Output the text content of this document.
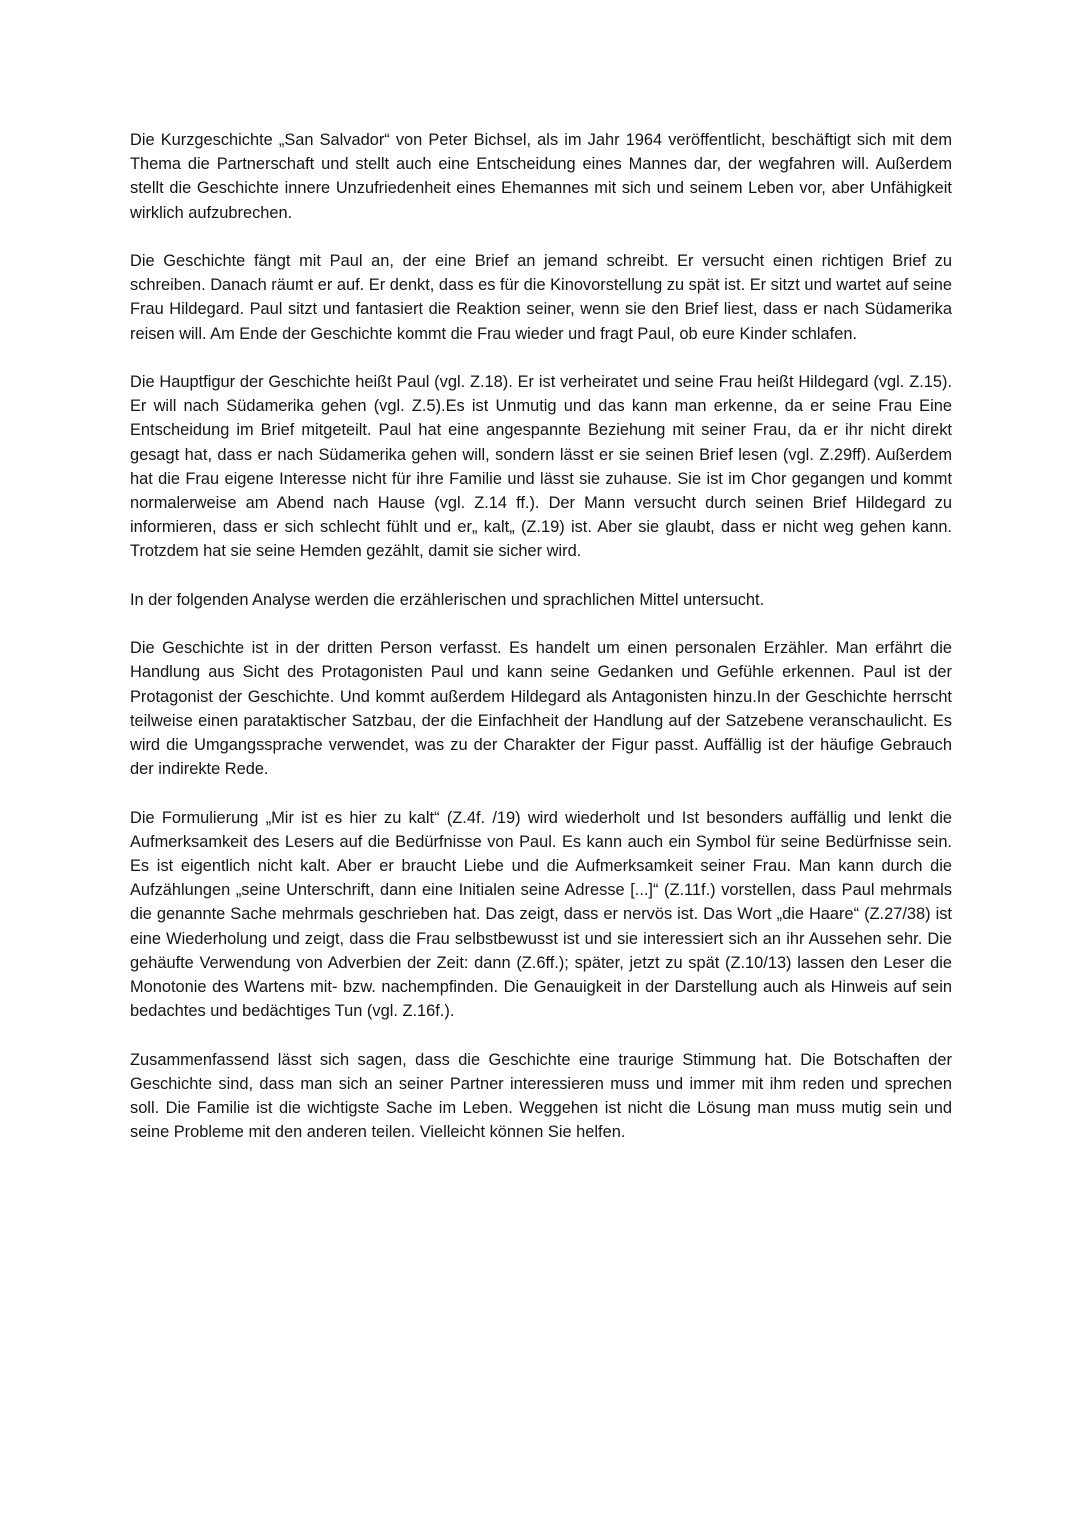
Die Kurzgeschichte „San Salvador“ von Peter Bichsel, als im Jahr 1964 veröffentlicht, beschäftigt sich mit dem Thema die Partnerschaft und stellt auch eine Entscheidung eines Mannes dar, der wegfahren will. Außerdem stellt die Geschichte innere Unzufriedenheit eines Ehemannes mit sich und seinem Leben vor, aber Unfähigkeit wirklich aufzubrechen.

Die Geschichte fängt mit Paul an, der eine Brief an jemand schreibt. Er versucht einen richtigen Brief zu schreiben. Danach räumt er auf. Er denkt, dass es für die Kinovorstellung zu spät ist. Er sitzt und wartet auf seine Frau Hildegard. Paul sitzt und fantasiert die Reaktion seiner, wenn sie den Brief liest, dass er nach Südamerika reisen will. Am Ende der Geschichte kommt die Frau wieder und fragt Paul, ob eure Kinder schlafen.

Die Hauptfigur der Geschichte heißt Paul (vgl. Z.18). Er ist verheiratet und seine Frau heißt Hildegard (vgl. Z.15). Er will nach Südamerika gehen (vgl. Z.5).Es ist Unmutig und das kann man erkenne, da er seine Frau Eine Entscheidung im Brief mitgeteilt. Paul hat eine angespannte Beziehung mit seiner Frau, da er ihr nicht direkt gesagt hat, dass er nach Südamerika gehen will, sondern lässt er sie seinen Brief lesen (vgl. Z.29ff). Außerdem hat die Frau eigene Interesse nicht für ihre Familie und lässt sie zuhause. Sie ist im Chor gegangen und kommt normalerweise am Abend nach Hause (vgl. Z.14 ff.). Der Mann versucht durch seinen Brief Hildegard zu informieren, dass er sich schlecht fühlt und er„ kalt„ (Z.19) ist. Aber sie glaubt, dass er nicht weg gehen kann. Trotzdem hat sie seine Hemden gezählt, damit sie sicher wird.

In der folgenden Analyse werden die erzählerischen und sprachlichen Mittel untersucht.

Die Geschichte ist in der dritten Person verfasst. Es handelt um einen personalen Erzähler. Man erfährt die Handlung aus Sicht des Protagonisten Paul und kann seine Gedanken und Gefühle erkennen. Paul ist der Protagonist der Geschichte. Und kommt außerdem Hildegard als Antagonisten hinzu.In der Geschichte herrscht teilweise einen parataktischer Satzbau, der die Einfachheit der Handlung auf der Satzebene veranschaulicht. Es wird die Umgangssprache verwendet, was zu der Charakter der Figur passt. Auffällig ist der häufige Gebrauch der indirekte Rede.

Die Formulierung „Mir ist es hier zu kalt“ (Z.4f. /19) wird wiederholt und Ist besonders auffällig und lenkt die Aufmerksamkeit des Lesers auf die Bedürfnisse von Paul. Es kann auch ein Symbol für seine Bedürfnisse sein. Es ist eigentlich nicht kalt. Aber er braucht Liebe und die Aufmerksamkeit seiner Frau. Man kann durch die Aufzählungen „seine Unterschrift, dann eine Initialen seine Adresse [...]“ (Z.11f.) vorstellen, dass Paul mehrmals die genannte Sache mehrmals geschrieben hat. Das zeigt, dass er nervös ist. Das Wort „die Haare“ (Z.27/38) ist eine Wiederholung und zeigt, dass die Frau selbstbewusst ist und sie interessiert sich an ihr Aussehen sehr. Die gehäufte Verwendung von Adverbien der Zeit: dann (Z.6ff.); später, jetzt zu spät (Z.10/13) lassen den Leser die Monotonie des Wartens mit- bzw. nachempfinden. Die Genauigkeit in der Darstellung auch als Hinweis auf sein bedachtes und bedächtiges Tun (vgl. Z.16f.).

Zusammenfassend lässt sich sagen, dass die Geschichte eine traurige Stimmung hat. Die Botschaften der Geschichte sind, dass man sich an seiner Partner interessieren muss und immer mit ihm reden und sprechen soll. Die Familie ist die wichtigste Sache im Leben. Weggehen ist nicht die Lösung man muss mutig sein und seine Probleme mit den anderen teilen. Vielleicht können Sie helfen.
